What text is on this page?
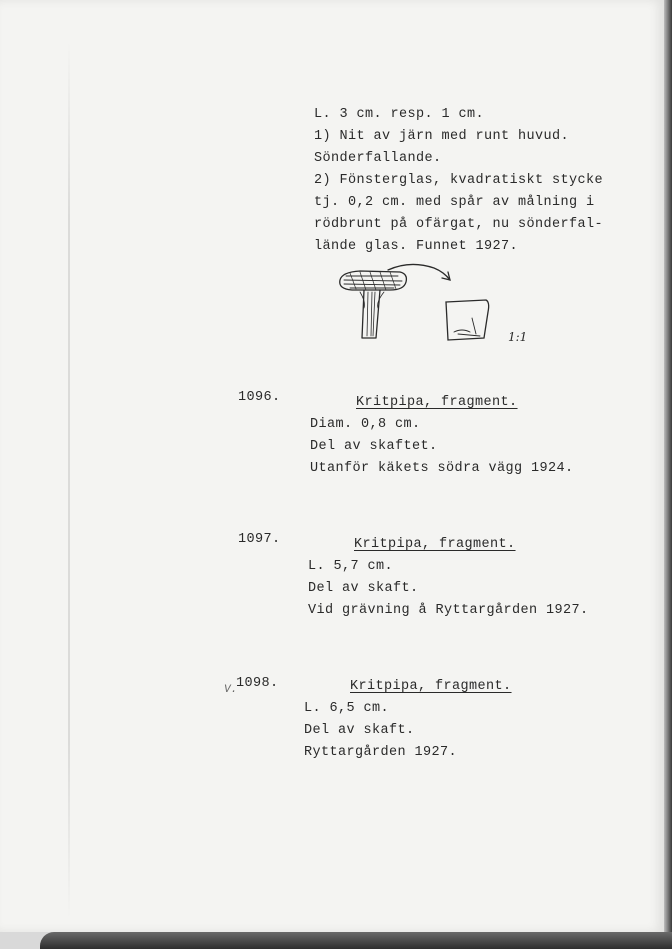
L. 3 cm. resp. 1 cm.
1) Nit av järn med runt huvud.
Sönderfallande.
2) Fönsterglas, kvadratiskt stycke
tj. 0,2 cm. med spår av målning i
rödbrunt på ofärgat, nu sönderfal-
lände glas. Funnet 1927.
1:1
1096.	Kritpipa, fragment.
Diam. 0,8 cm.
Del av skaftet.
Utanför käkets södra vägg 1924.
1097.	Kritpipa, fragment.
L. 5,7 cm.
Del av skaft.
Vid grävning å Ryttargården 1927.
V.
1098.	Kritpipa, fragment.
L. 6,5 cm.
Del av skaft.
Ryttargården 1927.
